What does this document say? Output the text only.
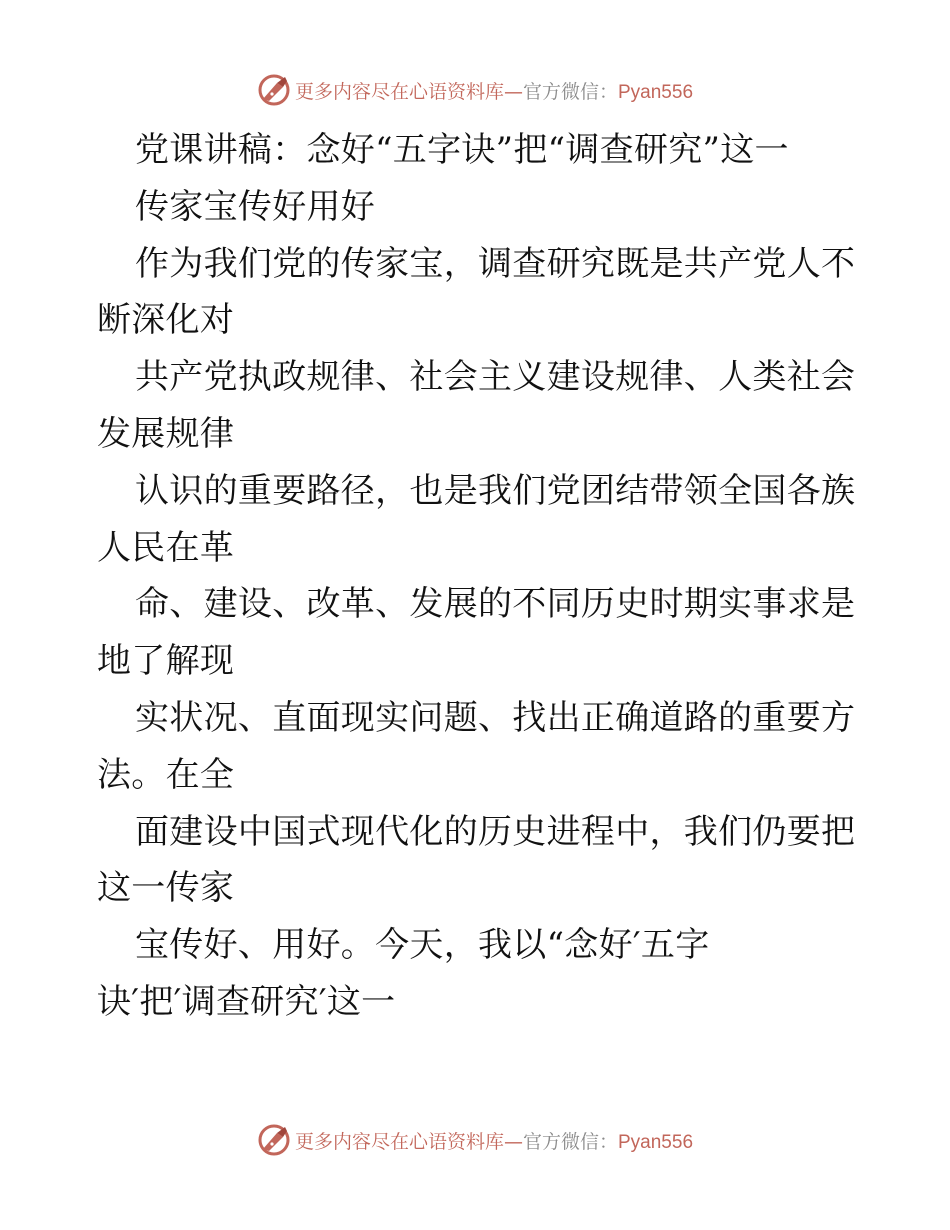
更多内容尽在心语资料库—官方微信：Pyan556
党课讲稿：念好“五字诀”把“调查研究”这一
传家宝传好用好
作为我们党的传家宝，调查研究既是共产党人不
断深化对
共产党执政规律、社会主义建设规律、人类社会
发展规律
认识的重要路径，也是我们党团结带领全国各族
人民在革
命、建设、改革、发展的不同历史时期实事求是
地了解现
实状况、直面现实问题、找出正确道路的重要方
法。在全
面建设中国式现代化的历史进程中，我们仍要把
这一传家
宝传好、用好。今天，我以“念好′五字
诀′把′调查研究′这一
更多内容尽在心语资料库—官方微信：Pyan556
